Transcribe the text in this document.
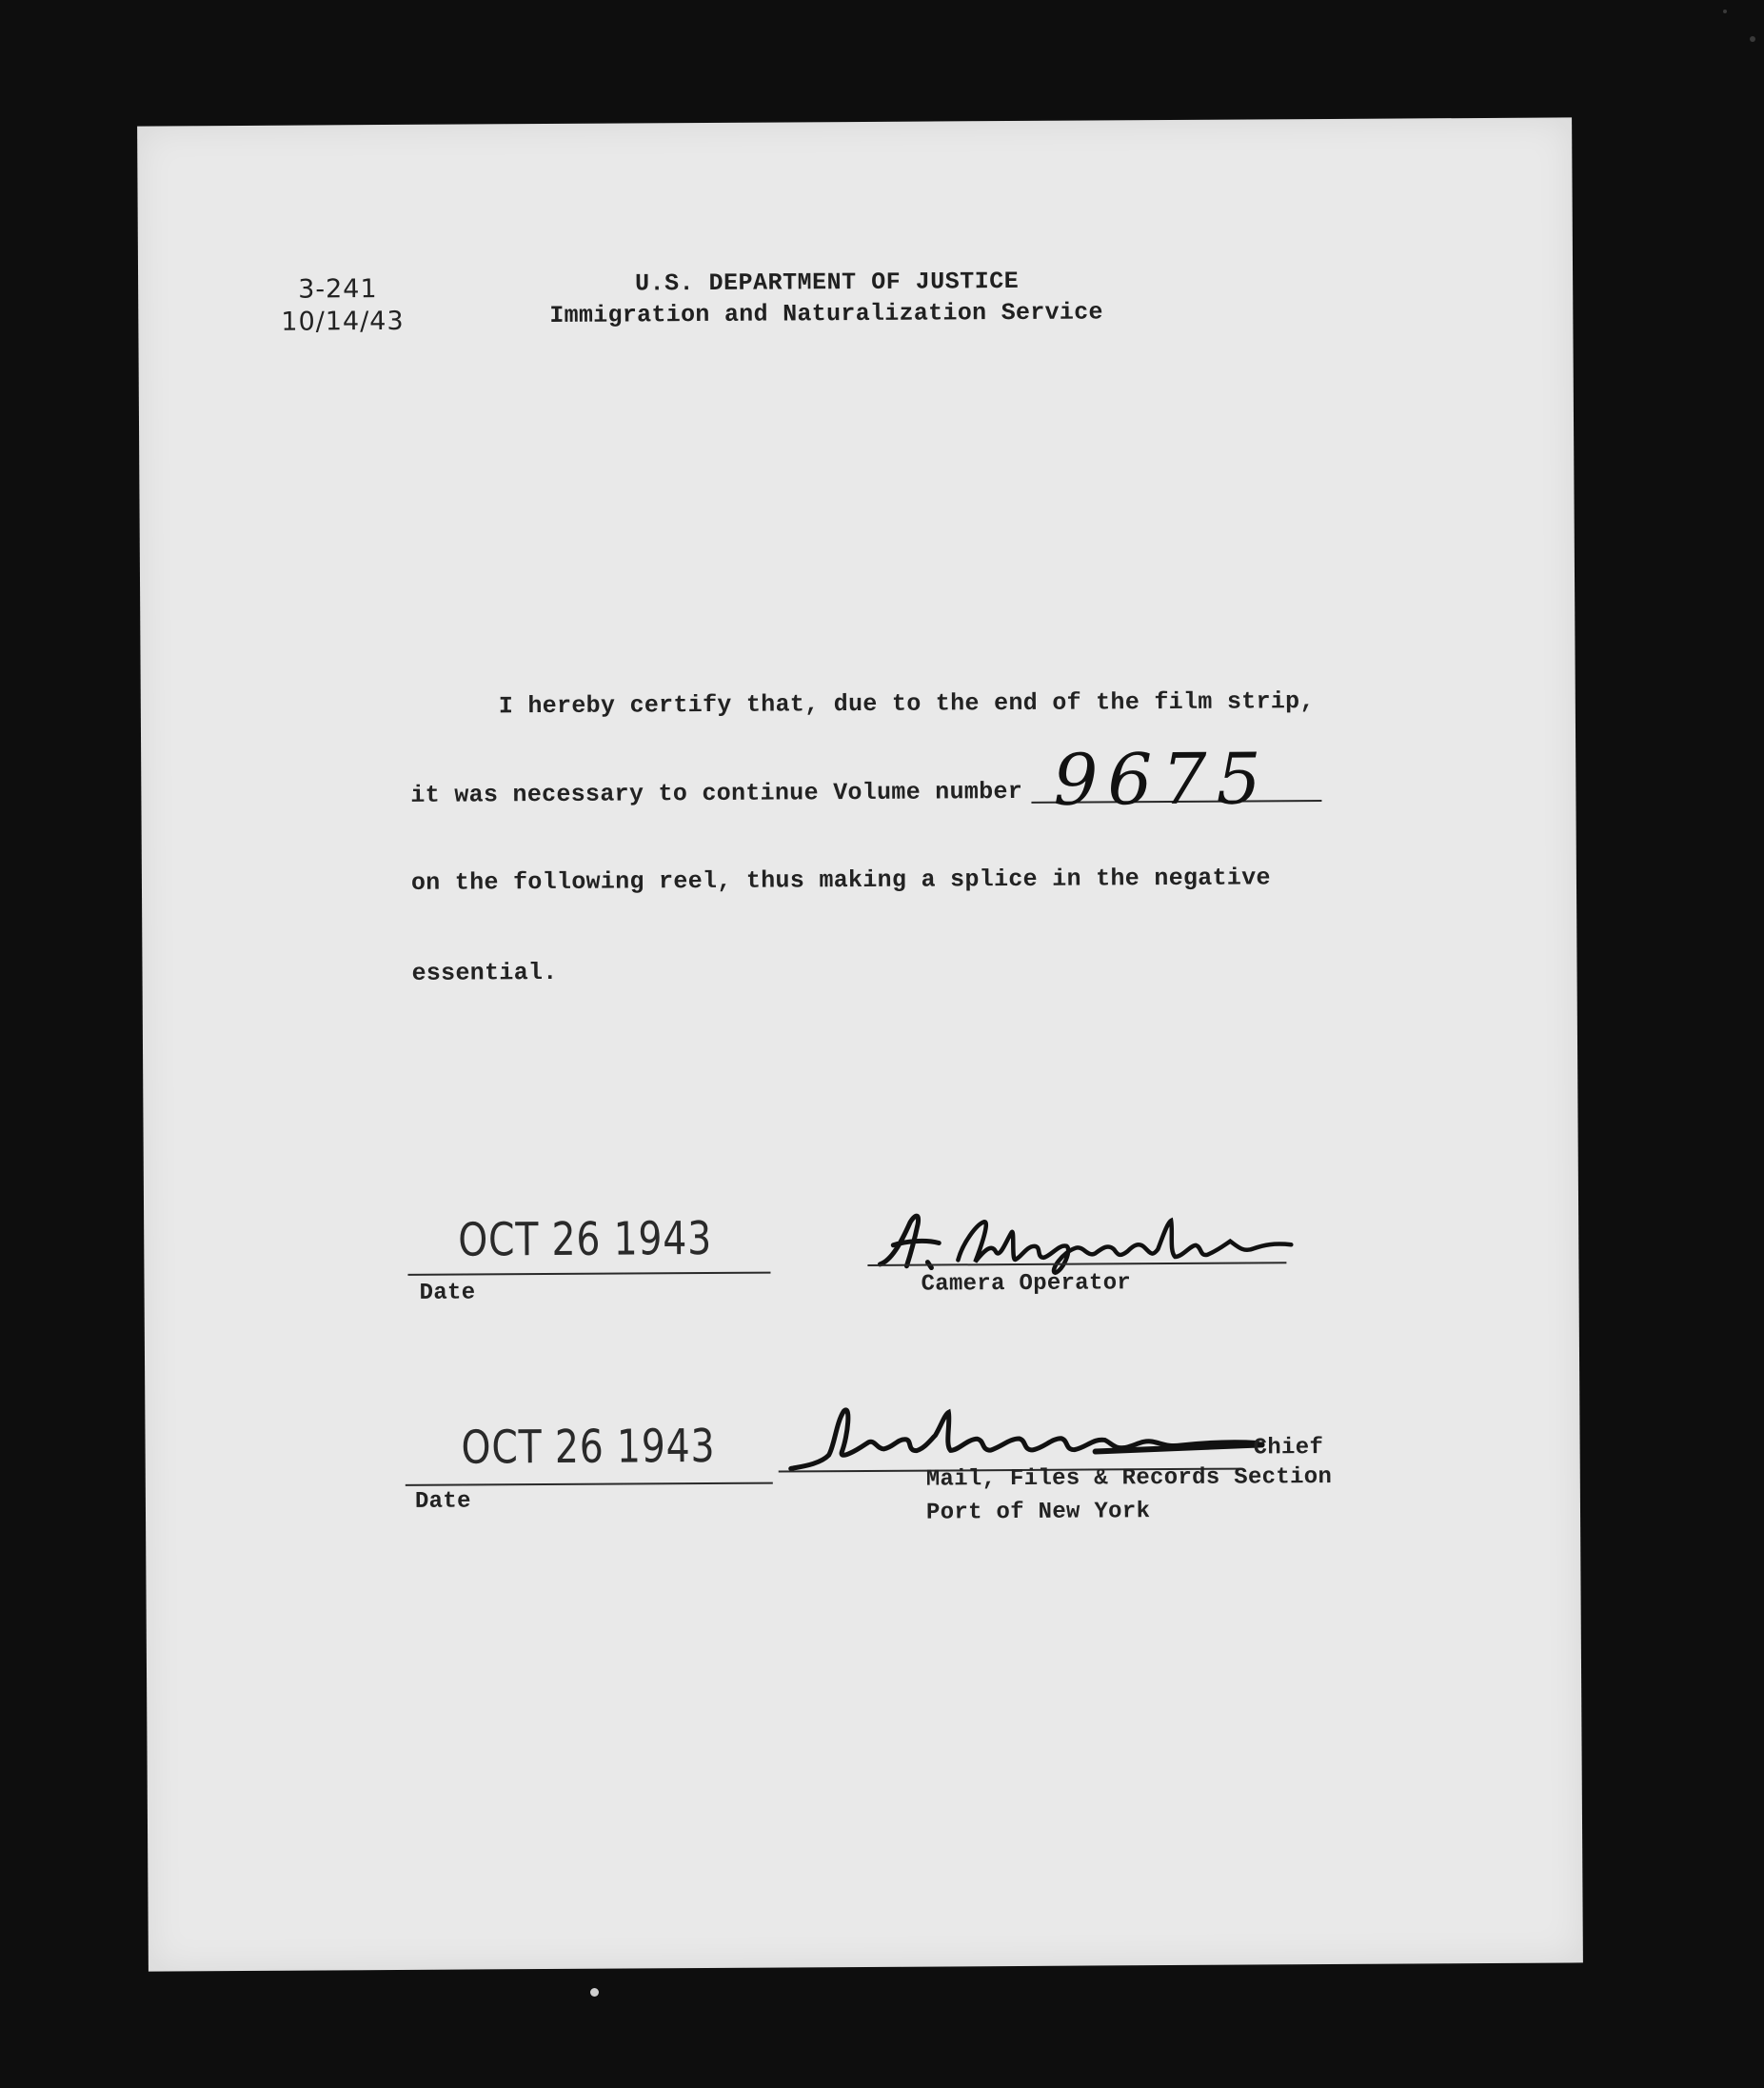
3-241
10/14/43
U.S. DEPARTMENT OF JUSTICE
Immigration and Naturalization Service
I hereby certify that, due to the end of the film strip,
it was necessary to continue Volume number 9675
on the following reel, thus making a splice in the negative
essential.
OCT 26 1943
Date	Camera Operator
OCT 26 1943
Date
Chief
Mail, Files & Records Section
Port of New York
